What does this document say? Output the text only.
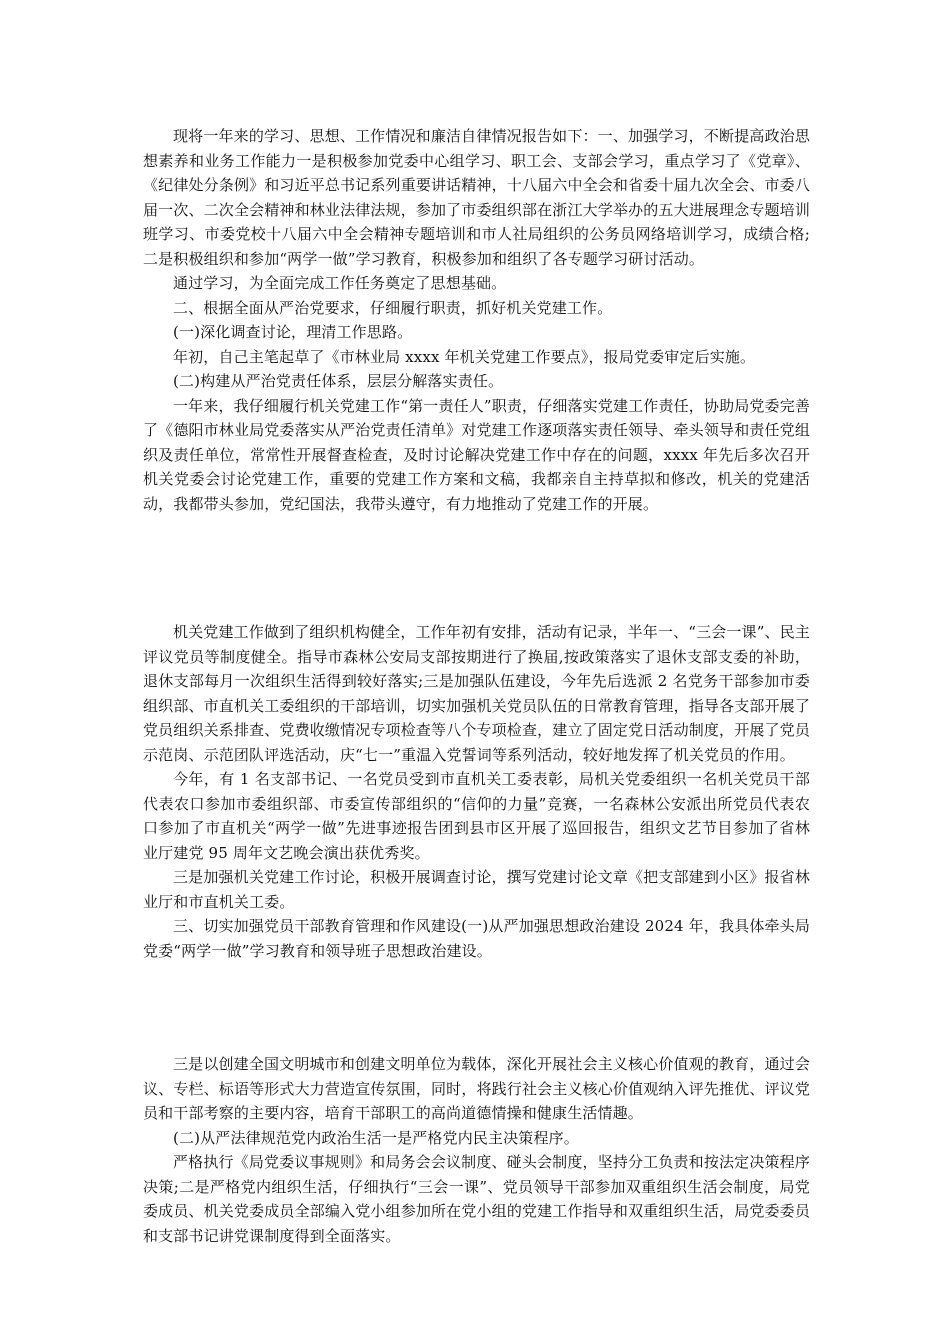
现将一年来的学习、思想、工作情况和廉洁自律情况报告如下：一、加强学习，不断提高政治思想素养和业务工作能力一是积极参加党委中心组学习、职工会、支部会学习，重点学习了《党章》、《纪律处分条例》和习近平总书记系列重要讲话精神，十八届六中全会和省委十届九次全会、市委八届一次、二次全会精神和林业法律法规，参加了市委组织部在浙江大学举办的五大进展理念专题培训班学习、市委党校十八届六中全会精神专题培训和市人社局组织的公务员网络培训学习，成绩合格;二是积极组织和参加“两学一做”学习教育，积极参加和组织了各专题学习研讨活动。

通过学习，为全面完成工作任务奠定了思想基础。

二、根据全面从严治党要求，仔细履行职责，抓好机关党建工作。

(一)深化调查讨论，理清工作思路。

年初，自己主笔起草了《市林业局 xxxx 年机关党建工作要点》，报局党委审定后实施。

(二)构建从严治党责任体系，层层分解落实责任。

一年来，我仔细履行机关党建工作“第一责任人”职责，仔细落实党建工作责任，协助局党委完善了《德阳市林业局党委落实从严治党责任清单》对党建工作逐项落实责任领导、牵头领导和责任党组织及责任单位，常常性开展督查检查，及时讨论解决党建工作中存在的问题，xxxx 年先后多次召开机关党委会讨论党建工作，重要的党建工作方案和文稿，我都亲自主持草拟和修改，机关的党建活动，我都带头参加，党纪国法，我带头遵守，有力地推动了党建工作的开展。

机关党建工作做到了组织机构健全，工作年初有安排，活动有记录，半年一、“三会一课”、民主评议党员等制度健全。指导市森林公安局支部按期进行了换届,按政策落实了退休支部支委的补助，退休支部每月一次组织生活得到较好落实;三是加强队伍建设，今年先后选派 2 名党务干部参加市委组织部、市直机关工委组织的干部培训，切实加强机关党员队伍的日常教育管理，指导各支部开展了党员组织关系排查、党费收缴情况专项检查等八个专项检查，建立了固定党日活动制度，开展了党员示范岗、示范团队评选活动，庆“七一”重温入党誓词等系列活动，较好地发挥了机关党员的作用。

今年，有 1 名支部书记、一名党员受到市直机关工委表彰，局机关党委组织一名机关党员干部代表农口参加市委组织部、市委宣传部组织的“信仰的力量”竞赛，一名森林公安派出所党员代表农口参加了市直机关“两学一做”先进事迹报告团到县市区开展了巡回报告，组织文艺节目参加了省林业厅建党 95 周年文艺晚会演出获优秀奖。

三是加强机关党建工作讨论，积极开展调查讨论，撰写党建讨论文章《把支部建到小区》报省林业厅和市直机关工委。

三、切实加强党员干部教育管理和作风建设(一)从严加强思想政治建设 2024 年，我具体牵头局党委“两学一做”学习教育和领导班子思想政治建设。

三是以创建全国文明城市和创建文明单位为载体，深化开展社会主义核心价值观的教育，通过会议、专栏、标语等形式大力营造宣传氛围，同时，将践行社会主义核心价值观纳入评先推优、评议党员和干部考察的主要内容，培育干部职工的高尚道德情操和健康生活情趣。

(二)从严法律规范党内政治生活一是严格党内民主决策程序。

严格执行《局党委议事规则》和局务会会议制度、碰头会制度，坚持分工负责和按法定决策程序决策;二是严格党内组织生活，仔细执行“三会一课”、党员领导干部参加双重组织生活会制度，局党委成员、机关党委成员全部编入党小组参加所在党小组的党建工作指导和双重组织生活，局党委委员和支部书记讲党课制度得到全面落实。
